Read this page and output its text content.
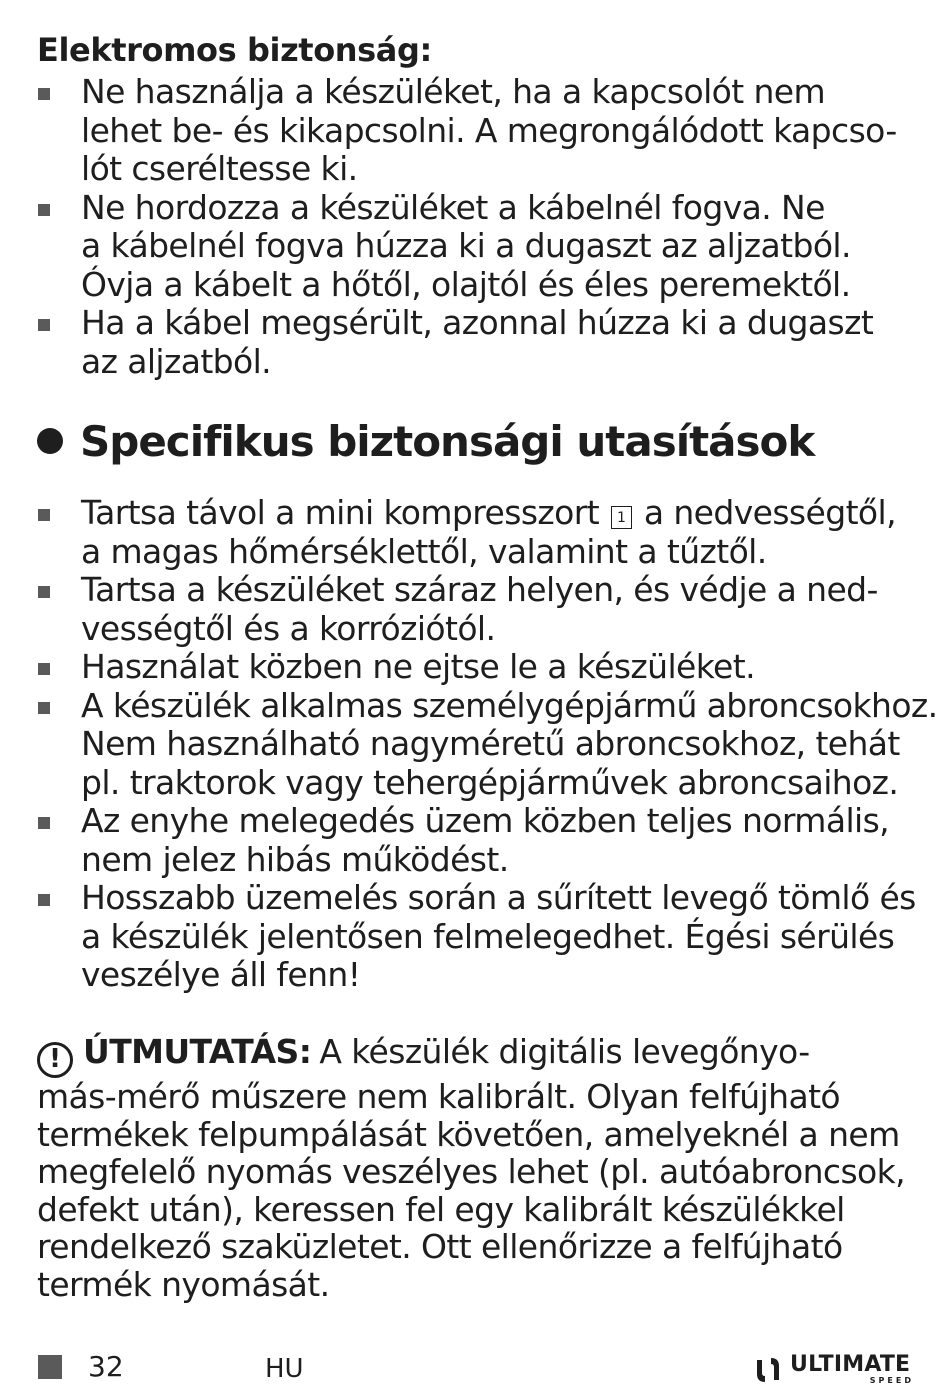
Elektromos biztonság:
Ne használja a készüléket, ha a kapcsolót nem
lehet be- és kikapcsolni. A megrongálódott kapcso-
lót cseréltesse ki.
Ne hordozza a készüléket a kábelnél fogva. Ne
a kábelnél fogva húzza ki a dugaszt az aljzatból.
Óvja a kábelt a hőtől, olajtól és éles peremektől.
Ha a kábel megsérült, azonnal húzza ki a dugaszt
az aljzatból.
Specifikus biztonsági utasítások
Tartsa távol a mini kompresszort 1 a nedvességtől,
a magas hőmérséklettől, valamint a tűztől.
Tartsa a készüléket száraz helyen, és védje a ned-
vességtől és a korróziótól.
Használat közben ne ejtse le a készüléket.
A készülék alkalmas személygépjármű abroncsokhoz.
Nem használható nagyméretű abroncsokhoz, tehát
pl. traktorok vagy tehergépjárművek abroncsaihoz.
Az enyhe melegedés üzem közben teljes normális,
nem jelez hibás működést.
Hosszabb üzemelés során a sűrített levegő tömlő és
a készülék jelentősen felmelegedhet. Égési sérülés
veszélye áll fenn!
! ÚTMUTATÁS: A készülék digitális levegőnyo-
más-mérő műszere nem kalibrált. Olyan felfújható
termékek felpumpálását követően, amelyeknél a nem
megfelelő nyomás veszélyes lehet (pl. autóabroncsok,
defekt után), keressen fel egy kalibrált készülékkel
rendelkező szaküzletet. Ott ellenőrizze a felfújható
termék nyomását.
32	HU	ULTIMATE
SPEED
